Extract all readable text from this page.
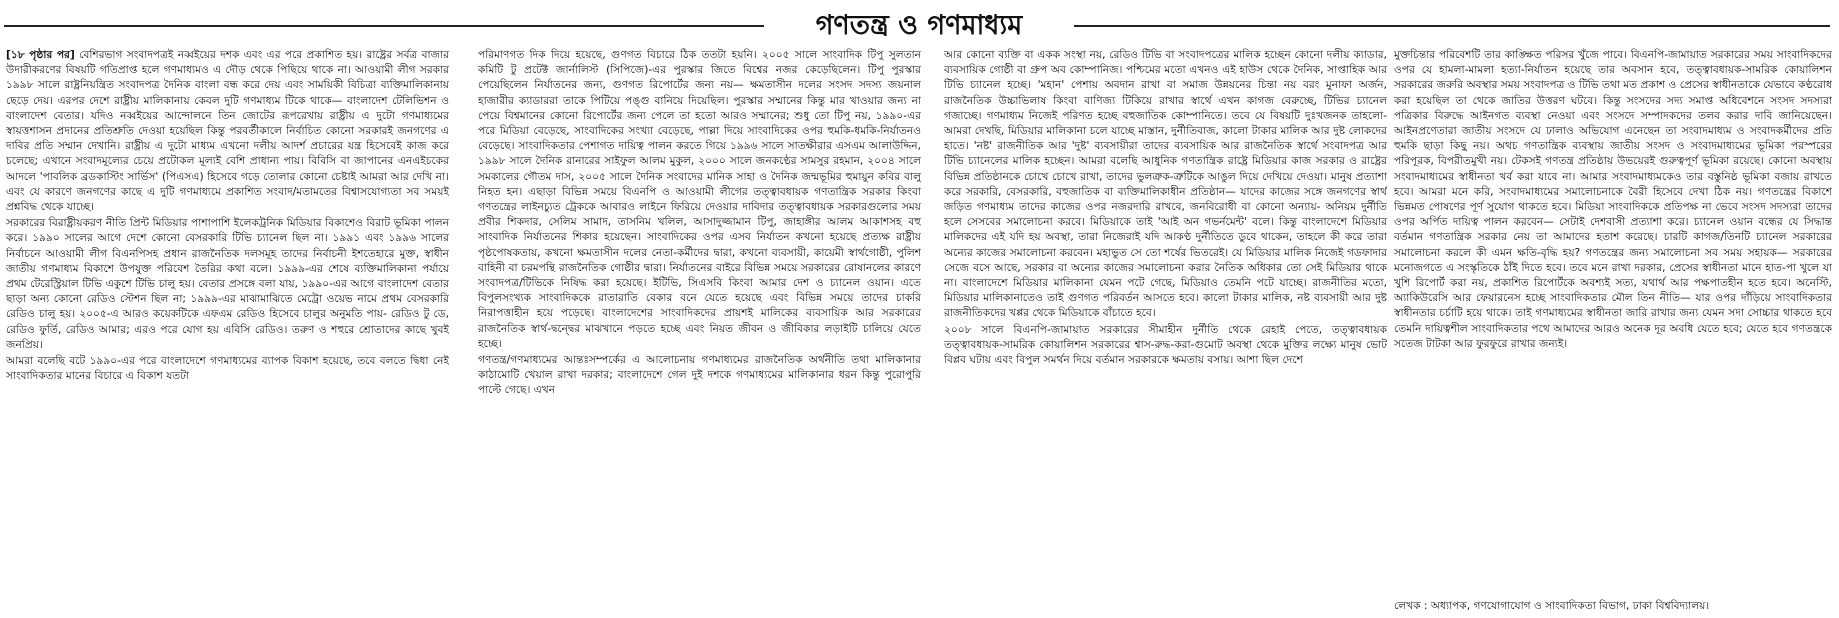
গণতন্ত্র ও গণমাধ্যম

[১৮ পৃষ্ঠার পর] বেশিরভাগ সংবাদপত্রই নব্বইয়ের দশক এবং এর পরে প্রকাশিত হয়। রাষ্ট্রের সর্বত্র বাজার উদারীকরণের বিষয়টি গতিপ্রাপ্ত হলে গণমাধ্যমও এ দৌড় থেকে পিছিয়ে থাকে না। আওয়ামী লীগ সরকার ১৯৯৮ সালে রাষ্ট্রনিয়ন্ত্রিত সংবাদপত্র দৈনিক বাংলা বন্ধ করে দেয় এবং সাময়িকী বিচিত্রা ব্যক্তিমালিকানায় ছেড়ে দেয়। এরপর দেশে রাষ্ট্রীয় মালিকানায় কেবল দুটি গণমাধ্যম টিকে থাকে— বাংলাদেশ টেলিভিশন ও বাংলাদেশ বেতার। যদিও নব্বইয়ের আন্দোলনে তিন জোটের রূপরেখায় রাষ্ট্রীয় এ দুটো গণমাধ্যমের স্বায়ত্তশাসন প্রদানের প্রতিশ্রুতি দেওয়া হয়েছিল কিন্তু পরবর্তীকালে নির্বাচিত কোনো সরকারই জনগণের এ দাবির প্রতি সম্মান দেখানি। রাষ্ট্রীয় এ দুটো মাধ্যম এখনো দলীয় আদর্শ প্রচারের যন্ত্র হিসেবেই কাজ করে চলেছে; এখানে সংবাদমূল্যের চেয়ে প্রটোকল মূল্যই বেশি প্রাধান্য পায়। বিবিসি বা জাপানের এনএইচকের আদলে 'পাবলিক ব্রডকাস্টিং সার্ভিস' (পিএসএ) হিসেবে গড়ে তোলার কোনো চেষ্টাই আমরা আর দেখি না। এবং যে কারণে জনগণের কাছে এ দুটি গণমাধ্যমে প্রকাশিত সংবাদ/মতামতের বিশ্বাসযোগ্যতা সব সময়ই প্রশ্নবিদ্ধ থেকে যাচ্ছে।

সরকারের বিরাষ্ট্রীয়করণ নীতি প্রিন্ট মিডিয়ার পাশাপাশি ইলেকট্রনিক মিডিয়ার বিকাশেও বিরাট ভূমিকা পালন করে। ১৯৯০ সালের আগে দেশে কোনো বেসরকারি টিভি চ্যানেল ছিল না। ১৯৯১ এবং ১৯৯৬ সালের নির্বাচনে আওয়ামী লীগ বিএনপিসহ প্রধান রাজনৈতিক দলসমূহ তাদের নির্বাচনী ইশতেহারে মুক্ত, স্বাধীন জাতীয় গণমাধ্যম বিকাশে উপযুক্ত পরিবেশ তৈরির কথা বলে। ১৯৯৯-এর শেষে ব্যক্তিমালিকানা পর্যায়ে প্রথম টেরেস্ট্রিয়াল টিভি একুশে টিভি চালু হয়। বেতার প্রসঙ্গে বলা যায়, ১৯৯০-এর আগে বাংলাদেশ বেতার ছাড়া অন্য কোনো রেডিও স্টেশন ছিল না; ১৯৯৯-এর মাঝামাঝিতে মেট্রো ওয়েভ নামে প্রথম বেসরকারি রেডিও চালু হয়। ২০০৫-এ আরও কয়েকটিকে এফএম রেডিও হিসেবে চালুর অনুমতি পায়- রেডিও টু ডে, রেডিও ফুর্তি, রেডিও আমার; এরও পরে যোগ হয় এবিসি রেডিও। তরুণ ও শহুরে শ্রোতাদের কাছে খুবই জনপ্রিয়।

আমরা বলেছি বটে ১৯৯০-এর পরে বাংলাদেশে গণমাধ্যমের ব্যাপক বিকাশ হয়েছে, তবে বলতে দ্বিধা নেই সাংবাদিকতার মানের বিচারে এ বিকাশ যতটা

পরিমাণগত দিক দিয়ে হয়েছে, গুণগত বিচারে ঠিক ততটা হয়নি। ২০০৫ সালে সাংবাদিক টিপু সুলতান কমিটি টু প্রটেক্ট জার্নালিস্ট (সিপিজে)-এর পুরস্কার জিতে বিশ্বের নজর কেড়েছিলেন। টিপু পুরস্কার পেয়েছিলেন নির্যাতনের জন্য, গুণগত রিপোর্টের জন্য নয়— ক্ষমতাসীন দলের সংসদ সদস্য জয়নাল হাজারীর ক্যাডাররা তাকে পিটিয়ে পঙ্গু বানিয়ে দিয়েছিল। পুরস্কার সম্মানের কিন্তু মার খাওয়ার জন্য না পেয়ে বিশ্বমানের কোনো রিপোর্টের জন্য পেলে তা হতো আরও সম্মানের; শুধু তো টিপু নয়, ১৯৯০-এর পরে মিডিয়া বেড়েছে, সাংবাদিকের সংখ্যা বেড়েছে, পাল্লা দিয়ে সাংবাদিকের ওপর হুমকি-ধমকি-নির্যাতনও বেড়েছে। সাংবাদিকতার পেশাগত দায়িত্ব পালন করতে গিয়ে ১৯৯৬ সালে সাতক্ষীরার এসএম আলাউদ্দিন, ১৯৯৮ সালে দৈনিক রানারের সাইফুল আলম মুকুল, ২০০০ সালে জনকণ্ঠের সামসুর রহমান, ২০০৪ সালে সমকালের গৌতম দাস, ২০০৫ সালে দৈনিক সংবাদের মানিক সাহা ও দৈনিক জন্মভূমির হুমায়ুন কবির বালু নিহত হন। এছাড়া বিভিন্ন সময়ে বিএনপি ও আওয়ামী লীগের তত্ত্বাবধায়ক গণতান্ত্রিক সরকার কিংবা গণতন্ত্রের লাইনচ্যুত ট্রেককে আবারও লাইনে ফিরিয়ে দেওয়ার দাবিদার তত্ত্বাবধায়ক সরকারগুলোর সময় প্রবীর শিকদার, সেলিম সামাদ, তাসনিম খলিল, আসাদুজ্জামান টিপু, জাহাঙ্গীর আলম আকাশসহ বহু সাংবাদিক নির্যাতনের শিকার হয়েছেন। সাংবাদিকের ওপর এসব নির্যাতন কখনো হয়েছে প্রত্যক্ষ রাষ্ট্রীয় পৃষ্ঠপোষকতায়, কখনো ক্ষমতাসীন দলের নেতা-কর্মীদের দ্বারা, কখনো ব্যবসায়ী, কায়েমী স্বার্থগোষ্ঠী, পুলিশ বাহিনী বা চরমপন্থি রাজনৈতিক গোষ্ঠীর দ্বারা। নির্যাতনের বাইরে বিভিন্ন সময়ে সরকারের রোষানলের কারণে সংবাদপত্র/টিভিকে নিষিদ্ধ করা হয়েছে। ইটিভি, সিএসবি কিংবা আমার দেশ ও চ্যানেল ওয়ান। এতে বিপুলসংখ্যক সাংবাদিককে রাতারাতি বেকার বনে যেতে হয়েছে এবং বিভিন্ন সময়ে তাদের চাকরি নিরাপত্তাহীন হয়ে পড়েছে। বাংলাদেশের সাংবাদিকদের প্রায়শই মালিকের ব্যবসায়িক আর সরকারের রাজনৈতিক স্বার্থ-দ্বন্দ্বের মাঝখানে পড়তে হচ্ছে এবং নিয়ত জীবন ও জীবিকার লড়াইটি চালিয়ে যেতে হচ্ছে।

গণতন্ত্র/গণমাধ্যমের আন্তঃসম্পর্কের এ আলোচনায় গণমাধ্যমের রাজনৈতিক অর্থনীতি তথা মালিকানার কাঠামোটি খেয়াল রাখা দরকার; বাংলাদেশে গেল দুই দশকে গণমাধ্যমের মালিকানার ধরন কিন্তু পুরোপুরি পাল্টে গেছে। এখন

আর কোনো ব্যক্তি বা একক সংস্থা নয়, রেডিও টিভি বা সংবাদপত্রের মালিক হচ্ছেন কোনো দলীয় ক্যাডার, ব্যবসায়িক গোষ্ঠী বা গ্রুপ অব কোম্পানিজ। পশ্চিমের মতো এখনও এই হাউস থেকে দৈনিক, সাপ্তাহিক আর টিভি চ্যানেল হচ্ছে। 'মহান' পেশায় অবদান রাখা বা সমাজ উন্নয়নের চিন্তা নয় বরং মুনাফা অর্জন, রাজনৈতিক উচ্চাভিলাষ কিংবা বাণিজ্য টিকিয়ে রাখার স্বার্থে এখন কাগজ বেরুচ্ছে, টিভির চ্যানেল গজাচ্ছে। গণমাধ্যম নিজেই পরিণত হচ্ছে বহুজাতিক কোম্পানিতে। তবে যে বিষয়টি দুঃখজনক তাহলো- আমরা দেখছি, মিডিয়ার মালিকানা চলে যাচ্ছে মাস্তান, দুর্নীতিবাজ, কালো টাকার মালিক আর দুষ্ট লোকদের হাতে। 'নষ্ট' রাজনীতিক আর 'দুষ্ট' ব্যবসায়ীরা তাদের ব্যবসায়িক আর রাজনৈতিক স্বার্থে সংবাদপত্র আর টিভি চ্যানেলের মালিক হচ্ছেন। আমরা বলেছি আধুনিক গণতান্ত্রিক রাষ্ট্রে মিডিয়ার কাজ সরকার ও রাষ্ট্রের বিভিন্ন প্রতিষ্ঠানকে চোখে চোখে রাখা, তাদের ভুলত্রুক-ত্রুটিকে আঙুল দিয়ে দেখিয়ে দেওয়া। মানুষ প্রত্যাশা করে সরকারি, বেসরকারি, বহুজাতিক বা ব্যক্তিমালিকাধীন প্রতিষ্ঠান— যাদের কাজের সঙ্গে জনগণের স্বার্থ জড়িত গণমাধ্যম তাদের কাজের ওপর নজরদারি রাখবে, জনবিরোধী বা কোনো অন্যায়- অনিয়ম দুর্নীতি হলে সেসবের সমালোচনা করবে। মিডিয়াকে তাই 'আই অন গভর্নমেন্ট' বলে। কিন্তু বাংলাদেশে মিডিয়ার মালিকদের এই যদি হয় অবস্থা, তারা নিজেরাই যদি আকণ্ঠ দুর্নীতিতে ডুবে থাকেন, তাহলে কী করে তারা অন্যের কাজের সমালোচনা করবেন। মহাভুত সে তো শর্ষের ভিতরেই। যে মিডিয়ার মালিক নিজেই গডফাদার সেজে বসে আছে, সরকার বা অন্যের কাজের সমালোচনা করার নৈতিক অধিকার তো সেই মিডিয়ার থাকে না। বাংলাদেশে মিডিয়ার মালিকানা যেমন পটে গেছে, মিডিয়াও তেমনি পটে যাচ্ছে। রাজনীতির মতো, মিডিয়ার মালিকানাতেও তাই গুণগত পরিবর্তন আসতে হবে। কালো টাকার মালিক, নষ্ট ব্যবসায়ী আর দুষ্ট রাজনীতিকদের খপ্পর থেকে মিডিয়াকে বাঁচাতে হবে।

২০০৮ সালে বিএনপি-জামায়াত সরকারের সীমাহীন দুর্নীতি থেকে রেহাই পেতে, তত্ত্বাবধায়ক তত্ত্বাবধায়ক-সামরিক কোয়ালিশন সরকারের শ্বাস-রুদ্ধ-করা-গুমোট অবস্থা থেকে মুক্তির লক্ষ্যে মানুষ ভোট বিপ্লব ঘটায় এবং বিপুল সমর্থন দিয়ে বর্তমান সরকারকে ক্ষমতায় বসায়। আশা ছিল দেশে

মুক্তচিন্তার পরিবেশটি তার কাঙ্ক্ষিত পরিসর খুঁজে পাবে। বিএনপি-জামায়াত সরকারের সময় সাংবাদিকদের ওপর যে হামলা-মামলা হত্যা-নির্যাতন হয়েছে তার অবসান হবে, তত্ত্বাবধায়ক-সামরিক কোয়ালিশন সরকারের জরুরি অবস্থার সময় সংবাদপত্র ও টিভি তথা মত প্রকাশ ও প্রেসের স্বাধীনতাকে যেভাবে কণ্ঠরোধ করা হয়েছিল তা থেকে জাতির উত্তরণ ঘটবে। কিন্তু সংসদের সদ্য সমাপ্ত অধিবেশনে সংসদ সদস্যরা পত্রিকার বিরুদ্ধে আইনগত ব্যবস্থা নেওয়া এবং সংসদে সম্পাদকদের তলব করার দাবি জানিয়েছেন। আইনপ্রণেতারা জাতীয় সংসদে যে ঢালাও অভিযোগ এনেছেন তা সংবাদমাধ্যম ও সংবাদকর্মীদের প্রতি হুমকি ছাড়া কিছু নয়। অথচ গণতান্ত্রিক ব্যবস্থায় জাতীয় সংসদ ও সংবাদমাধ্যমের ভূমিকা পরস্পরের পরিপূরক, বিপরীতমুখী নয়। টেকসই গণতন্ত্র প্রতিষ্ঠায় উভয়েরই গুরুত্বপূর্ণ ভূমিকা রয়েছে। কোনো অবস্থায় সংবাদমাধ্যমের স্বাধীনতা খর্ব করা যাবে না। আমার সংবাদমাধ্যমকেও তার বস্তুনিষ্ঠ ভূমিকা বজায় রাখতে হবে। আমরা মনে করি, সংবাদমাধ্যমের সমালোচনাকে বৈরী হিসেবে দেখা ঠিক নয়। গণতন্ত্রের বিকাশে ভিন্নমত পোষণের পূর্ণ সুযোগ থাকতে হবে। মিডিয়া সাংবাদিককে প্রতিপক্ষ না ভেবে সংসদ সদস্যরা তাদের ওপর অর্পিত দায়িত্ব পালন করবেন— সেটাই দেশবাসী প্রত্যাশা করে। চ্যানেল ওয়ান বন্ধের যে সিদ্ধান্ত বর্তমান গণতান্ত্রিক সরকার নেয় তা আমাদের হতাশ করেছে। চারটি কাগজ/তিনটি চ্যানেল সরকারের সমালোচনা করলে কী এমন ক্ষতি-বৃদ্ধি হয়? গণতন্ত্রের জন্য সমালোচনা সব সময় সহায়ক— সরকারের মনোজগতে এ সংস্কৃতিকে ঠাঁই দিতে হবে। তবে মনে রাখা দরকার, প্রেসের স্বাধীনতা মানে হাত-পা খুলে যা খুশি রিপোর্ট করা নয়, প্রকাশিত রিপোর্টকে অবশ্যই সত্য, যথার্থ আর পক্ষপাতহীন হতে হবে। অনেস্টি, অ্যাকিউরেসি আর ফেয়ারনেস হচ্ছে সাংবাদিকতার মৌল তিন নীতি— যার ওপর দাঁড়িয়ে সাংবাদিকতার স্বাধীনতার চর্চাটি হয়ে থাকে। তাই গণমাধ্যমের স্বাধীনতা জারি রাখার জন্য যেমন সদা সোচ্চার থাকতে হবে তেমনি দায়িত্বশীল সাংবাদিকতার পথে আমাদের আরও অনেক দূর অবধি যেতে হবে; যেতে হবে গণতন্ত্রকে সতেজ টাটকা আর ফুরফুরে রাখার জন্যই।

লেখক : অধ্যাপক, গণযোগাযোগ ও সাংবাদিকতা বিভাগ, ঢাকা বিশ্ববিদ্যালয়।
